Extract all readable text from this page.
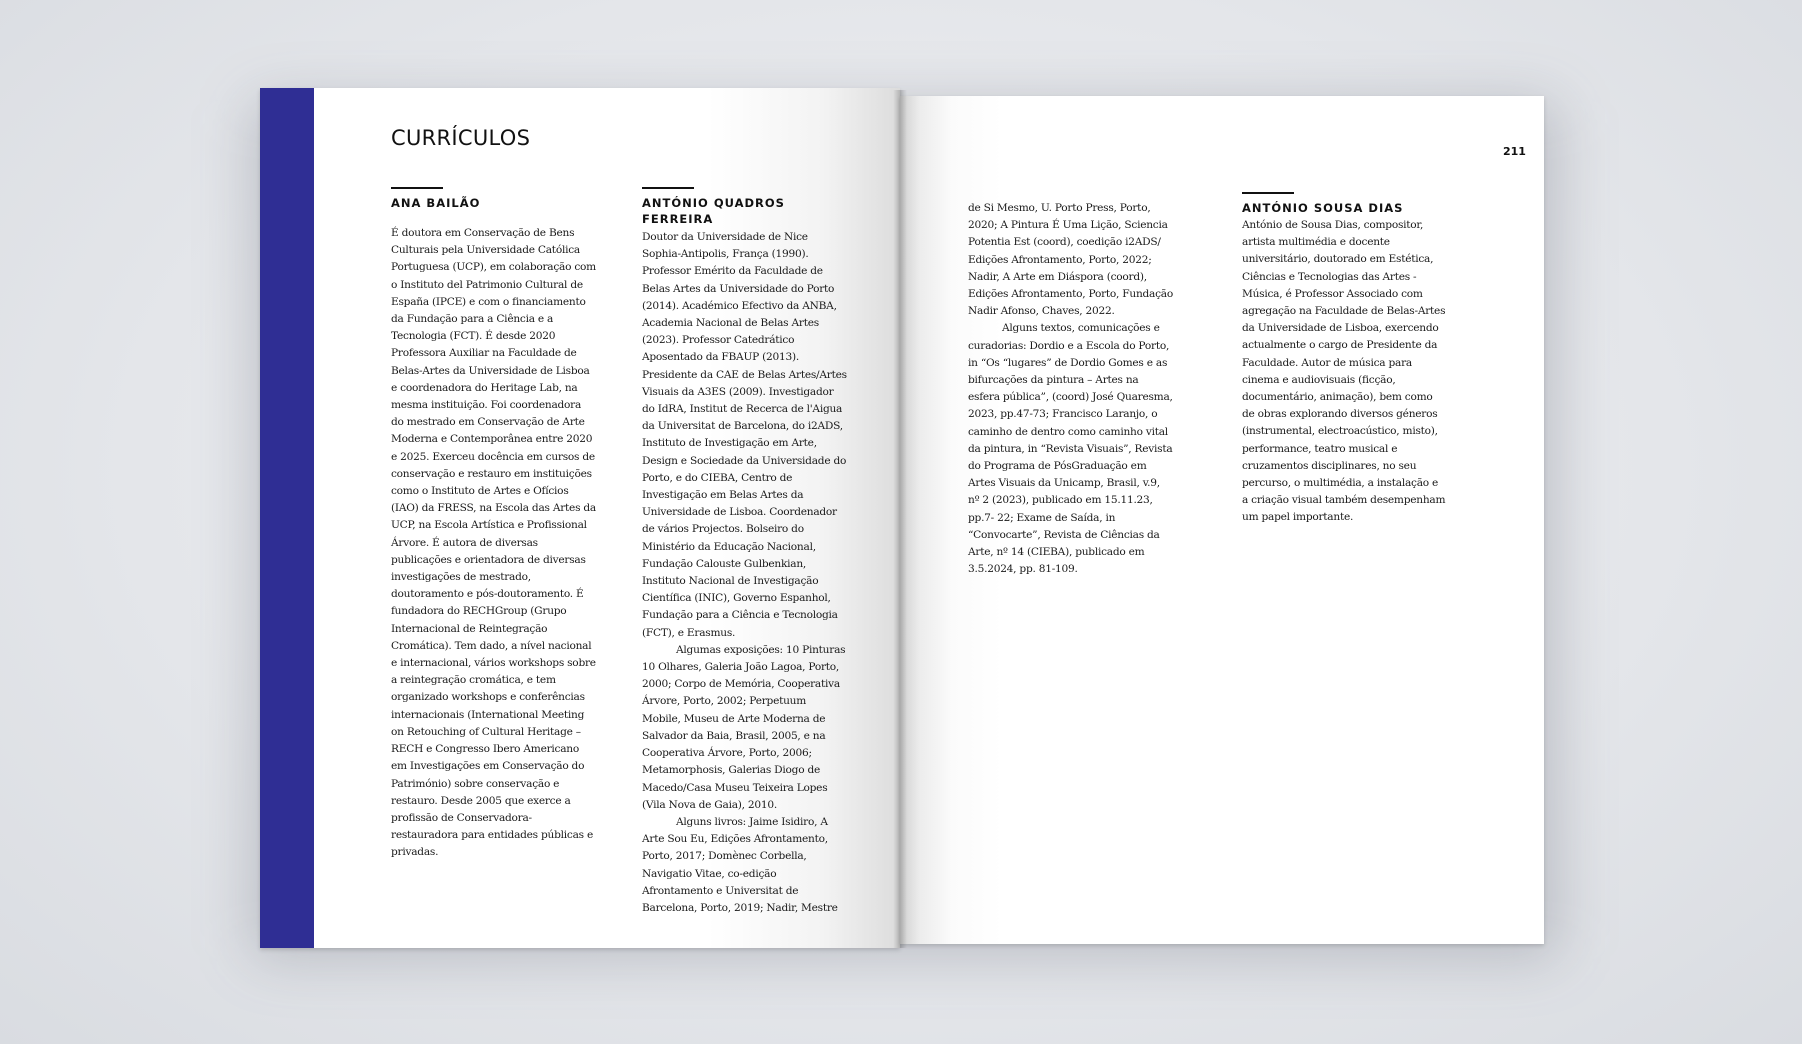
CURRÍCULOS
211
ANA BAILÃO

É doutora em Conservação de Bens Culturais pela Universidade Católica Portuguesa (UCP), em colaboração com o Instituto del Patrimonio Cultural de España (IPCE) e com o financiamento da Fundação para a Ciência e a Tecnologia (FCT). É desde 2020 Professora Auxiliar na Faculdade de Belas-Artes da Universidade de Lisboa e coordenadora do Heritage Lab, na mesma instituição. Foi coordenadora do mestrado em Conservação de Arte Moderna e Contemporânea entre 2020 e 2025. Exerceu docência em cursos de conservação e restauro em instituições como o Instituto de Artes e Ofícios (IAO) da FRESS, na Escola das Artes da UCP, na Escola Artística e Profissional Árvore. É autora de diversas publicações e orientadora de diversas investigações de mestrado, doutoramento e pós-doutoramento. É fundadora do RECHGroup (Grupo Internacional de Reintegração Cromática). Tem dado, a nível nacional e internacional, vários workshops sobre a reintegração cromática, e tem organizado workshops e conferências internacionais (International Meeting on Retouching of Cultural Heritage – RECH e Congresso Ibero Americano em Investigações em Conservação do Património) sobre conservação e restauro. Desde 2005 que exerce a profissão de Conservadora-restauradora para entidades públicas e privadas.

ANTÓNIO QUADROS FERREIRA

Doutor da Universidade de Nice Sophia-Antipolis, França (1990). Professor Emérito da Faculdade de Belas Artes da Universidade do Porto (2014). Académico Efectivo da ANBA, Academia Nacional de Belas Artes (2023). Professor Catedrático Aposentado da FBAUP (2013). Presidente da CAE de Belas Artes/Artes Visuais da A3ES (2009). Investigador do IdRA, Institut de Recerca de l'Aigua da Universitat de Barcelona, do i2ADS, Instituto de Investigação em Arte, Design e Sociedade da Universidade do Porto, e do CIEBA, Centro de Investigação em Belas Artes da Universidade de Lisboa. Coordenador de vários Projectos. Bolseiro do Ministério da Educação Nacional, Fundação Calouste Gulbenkian, Instituto Nacional de Investigação Científica (INIC), Governo Espanhol, Fundação para a Ciência e Tecnologia (FCT), e Erasmus.

Algumas exposições: 10 Pinturas 10 Olhares, Galeria João Lagoa, Porto, 2000; Corpo de Memória, Cooperativa Árvore, Porto, 2002; Perpetuum Mobile, Museu de Arte Moderna de Salvador da Baia, Brasil, 2005, e na Cooperativa Árvore, Porto, 2006; Metamorphosis, Galerias Diogo de Macedo/Casa Museu Teixeira Lopes (Vila Nova de Gaia), 2010.

Alguns livros: Jaime Isidiro, A Arte Sou Eu, Edições Afrontamento, Porto, 2017; Domènec Corbella, Navigatio Vitae, co-edição Afrontamento e Universitat de Barcelona, Porto, 2019; Nadir, Mestre

de Si Mesmo, U. Porto Press, Porto, 2020; A Pintura É Uma Lição, Sciencia Potentia Est (coord), coedição i2ADS/ Edições Afrontamento, Porto, 2022; Nadir, A Arte em Diáspora (coord), Edições Afrontamento, Porto, Fundação Nadir Afonso, Chaves, 2022.

Alguns textos, comunicações e curadorias: Dordio e a Escola do Porto, in “Os “lugares” de Dordio Gomes e as bifurcações da pintura – Artes na esfera pública”, (coord) José Quaresma, 2023, pp.47-73; Francisco Laranjo, o caminho de dentro como caminho vital da pintura, in “Revista Visuais”, Revista do Programa de PósGraduação em Artes Visuais da Unicamp, Brasil, v.9, nº 2 (2023), publicado em 15.11.23, pp.7- 22; Exame de Saída, in “Convocarte”, Revista de Ciências da Arte, nº 14 (CIEBA), publicado em 3.5.2024, pp. 81-109.

ANTÓNIO SOUSA DIAS

António de Sousa Dias, compositor, artista multimédia e docente universitário, doutorado em Estética, Ciências e Tecnologias das Artes - Música, é Professor Associado com agregação na Faculdade de Belas-Artes da Universidade de Lisboa, exercendo actualmente o cargo de Presidente da Faculdade. Autor de música para cinema e audiovisuais (ficção, documentário, animação), bem como de obras explorando diversos géneros (instrumental, electroacústico, misto), performance, teatro musical e cruzamentos disciplinares, no seu percurso, o multimédia, a instalação e a criação visual também desempenham um papel importante.
